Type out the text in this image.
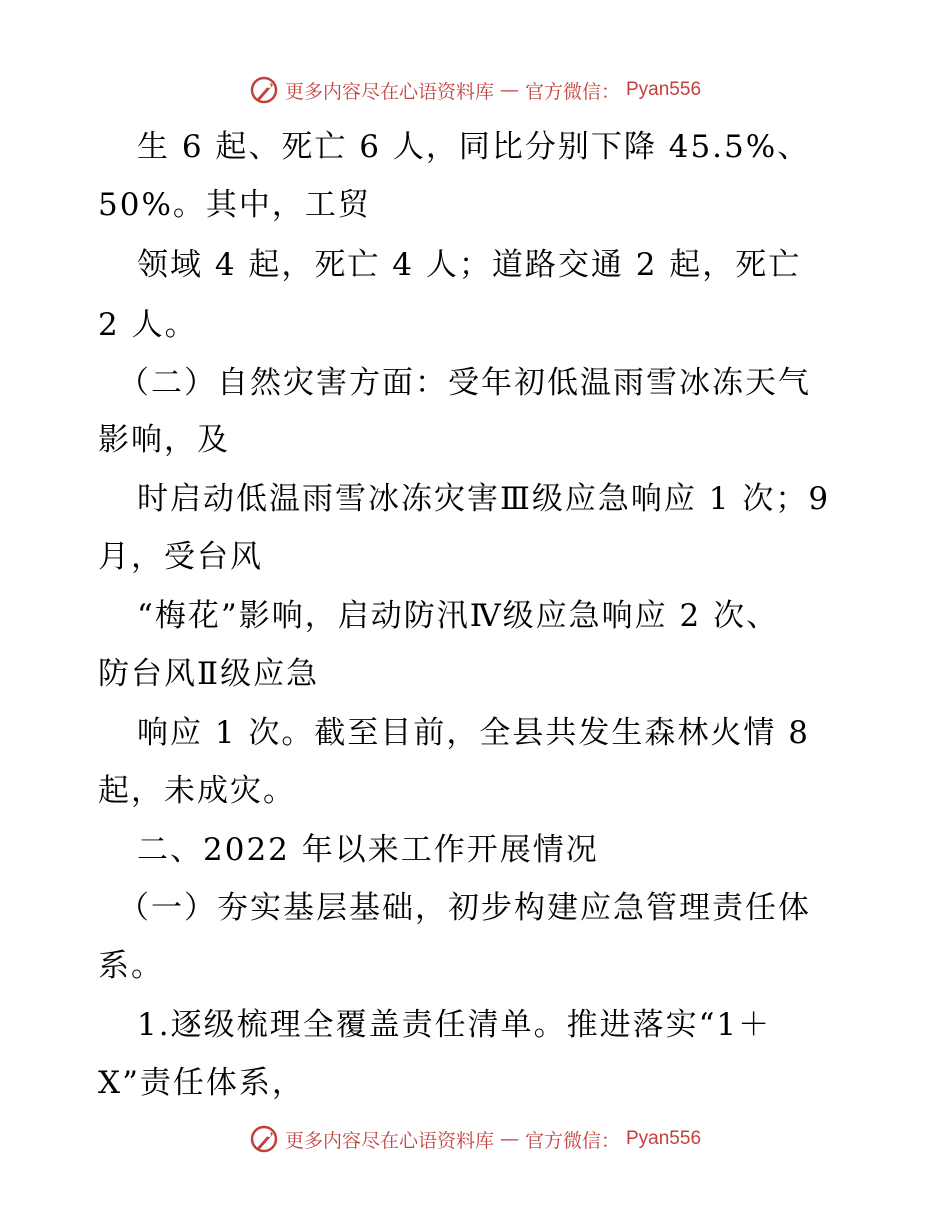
更多内容尽在心语资料库 — 官方微信： Pyan556
生 6 起、死亡 6 人，同比分别下降 45.5%、
50%。其中，工贸
领域 4 起，死亡 4 人；道路交通 2 起，死亡
2 人。
（二）自然灾害方面：受年初低温雨雪冰冻天气
影响，及
时启动低温雨雪冰冻灾害Ⅲ级应急响应 1 次；9
月，受台风
“梅花”影响，启动防汛Ⅳ级应急响应 2 次、
防台风Ⅱ级应急
响应 1 次。截至目前，全县共发生森林火情 8
起，未成灾。
二、2022 年以来工作开展情况
（一）夯实基层基础，初步构建应急管理责任体
系。
1.逐级梳理全覆盖责任清单。推进落实“1＋
X”责任体系，
更多内容尽在心语资料库 — 官方微信： Pyan556
